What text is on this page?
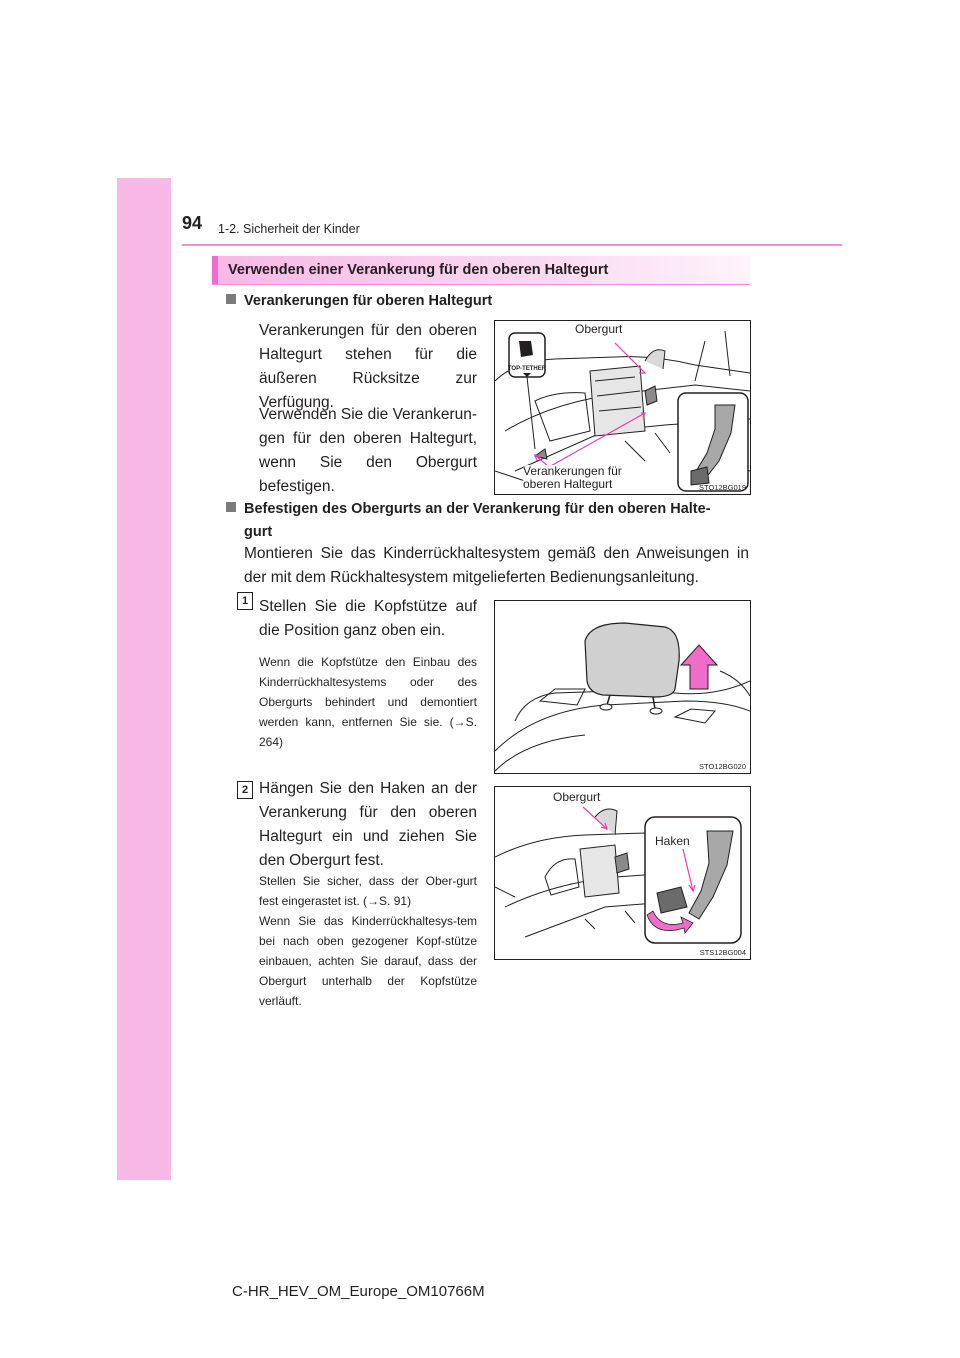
94 1-2. Sicherheit der Kinder
Verwenden einer Verankerung für den oberen Haltegurt
Verankerungen für oberen Haltegurt
Verankerungen für den oberen Haltegurt stehen für die äußeren Rücksitze zur Verfügung.
Verwenden Sie die Verankerun-gen für den oberen Haltegurt, wenn Sie den Obergurt befestigen.
TOP-TETHER
Obergurt
Verankerungen für
oberen Haltegurt	STO12BG019
Befestigen des Obergurts an der Verankerung für den oberen Halte-
gurt
Montieren Sie das Kinderrückhaltesystem gemäß den Anweisungen in der mit dem Rückhaltesystem mitgelieferten Bedienungsanleitung.
1 Stellen Sie die Kopfstütze auf die Position ganz oben ein.
Wenn die Kopfstütze den Einbau des Kinderrückhaltesystems oder des Obergurts behindert und demontiert werden kann, entfernen Sie sie. (→S. 264)
STO12BG020
2 Hängen Sie den Haken an der Verankerung für den oberen Haltegurt ein und ziehen Sie den Obergurt fest.
Stellen Sie sicher, dass der Ober-gurt fest eingerastet ist. (→S. 91)
Wenn Sie das Kinderrückhaltesys-tem bei nach oben gezogener Kopf-stütze einbauen, achten Sie darauf, dass der Obergurt unterhalb der Kopfstütze verläuft.
Obergurt
Haken
STS12BG004
C-HR_HEV_OM_Europe_OM10766M
